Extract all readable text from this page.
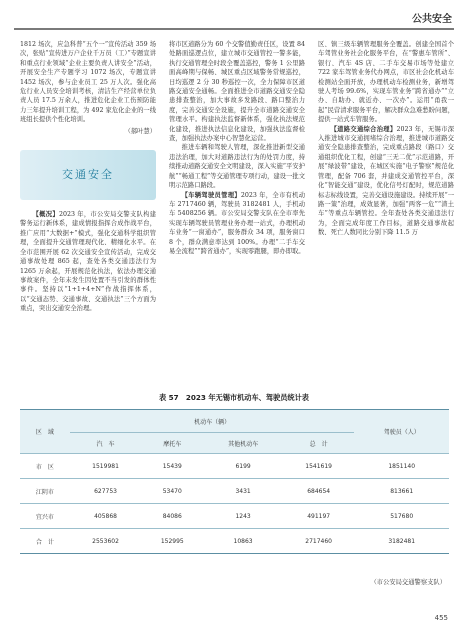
公共安全

1812 场次，应急科普“五个一”宣传活动 359 场次，张贴“宣传进万户企业千万员（工）”专题宣讲和重点行业领域“企业主要负责人讲安全”活动，开展安全生产专题学习 1072 场次，专题宣讲 1452 场次，参与企业员工 25 万人次。强化高危行业人员安全培训考核，清洁生产经营单位负责人员 17.5 万余人，推进危化企业工伤预防能力三年提升培训工程，为 492 家危化企业的一线班组长提供个性化培训。

（郝叶慧）

交通安全

【概况】2023 年，市公安局交警支队构建警务运行新体系，建成情报指挥合成作战平台，推广应用“大数据+”模式，强化交通科学组织管理，全面提升交通管理现代化、精细化水平。在全市范围开展 62 次交通安全宣传活动，完成交通事故处理 865 起，查处各类交通违法行为 1265 万余起，开展规范化执法，依法办理交通事故案件，全年未发生因处置不当引发的群体性事件。坚持以“1+1+4+N”作战指挥体系，以“交通态势、交通事故、交通执法”三个方面为重点，突出交通安全治理。

将市区道路分为 60 个交警值勤责任区，设置 84 处路面巡逻点位，建立城市交通管控一警多能，执行交通管理全时段全覆盖巡控，警务 1 公里路面高峰期与保畅、城区重点区域警务常规巡控，日均巡逻 2 分 30 秒巡控一次，全力保障市区道路交通安全通畅。全面推进全市道路交通安全隐患排查整治，加大事故多发路段、路口整治力度，完善交通安全设施，提升全市道路交通安全管理水平。构建执法监督新体系，强化执法规范化建设，推进执法信息化建设，加强执法监督检查，加强执法办案中心智慧化运营。

推进车辆和驾驶人管理，深化推进新型交通违法治理，加大对道路违法行为的处罚力度，持续推动道路交通安全文明建设，深入实施“平安护航”“畅通工程”等交通管理专项行动，建设一批文明示范路口路段。

【车辆驾驶员管理】2023 年，全市有机动车 2717460 辆，驾驶员 3182481 人，手机动车 5408256 辆。市公安局交警支队在全市率先实现车辆驾驶员管理业务办理一站式，办理机动车业务“一窗通办”，服务群众 34 项，服务窗口 8 个，群众满意率达到 100%。办理“二手车交易全流程”“跨省通办”，实现零跑腿，即办即取。

区、镇三级车辆管理服务全覆盖。创建全国首个车驾管业务社会化服务平台，在“警惠车管所”、银行、汽车 4S 店、二手车交易市场等处建立 722 家车驾管业务代办网点，市区社会化机动车检测站全面开放，办理机动车检测业务，新增驾驶人考场 99.6%，实现车管业务“跨省通办”“立办、自助办、就近办、一次办”。运用“甬我一起”民营清求服务平台，解决群众急难愁盼问题，提供一站式车管服务。

【道路交通综合治理】2023 年，无锡市深入推进城市交通拥堵综合治理，推进城市道路交通安全隐患排查整治，完成重点路段（路口）交通组织优化工程，创建“三无二优”示范道路，开展“绿波带”建设，在城区实施“电子警察”规范化管理，配备 706 套，并建成交通管控平台，深化“智能交通”建设，优化信号灯配时，规范道路标志标线设置，完善交通设施建设。持续开展“一路一策”治理，成效显著，加强“两客一危”“渣土车”等重点车辆管控。全年查处各类交通违法行为，全面完成年度工作目标，道路交通事故起数、死亡人数同比分别下降 11.5 万

表 57　2023 年无锡市机动车、驾驶员统计表
区　域	机动车（辆）				驾驶员（人）
	汽　车	摩托车	其他机动车	总　计	
市　区	1519981	15439	6199	1541619	1851140
江阴市	627753	53470	3431	684654	813661
宜兴市	405868	84086	1243	491197	517680
合　计	2553602	152995	10863	2717460	3182481
（市公安局交通警察支队）
455
